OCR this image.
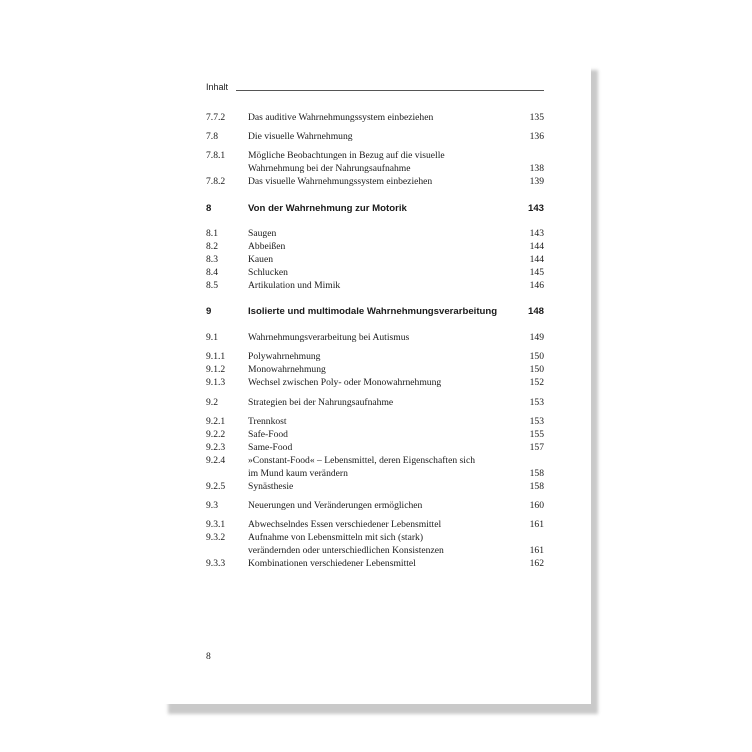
Inhalt
7.7.2 Das auditive Wahrnehmungssystem einbeziehen	135
7.8	Die visuelle Wahrnehmung	136
7.8.1 Mögliche Beobachtungen in Bezug auf die visuelle
Wahrnehmung bei der Nahrungsaufnahme	138
7.8.2 Das visuelle Wahrnehmungssystem einbeziehen	139
8	Von der Wahrnehmung zur Motorik	143
8.1	Saugen	143
8.2	Abbeißen	144
8.3	Kauen	144
8.4	Schlucken	145
8.5	Artikulation und Mimik	146
9	Isolierte und multimodale Wahrnehmungsverarbeitung	148
9.1	Wahrnehmungsverarbeitung bei Autismus	149
9.1.1 Polywahrnehmung	150
9.1.2 Monowahrnehmung	150
9.1.3 Wechsel zwischen Poly- oder Monowahrnehmung	152
9.2	Strategien bei der Nahrungsaufnahme	153
9.2.1 Trennkost	153
9.2.2 Safe-Food	155
9.2.3 Same-Food	157
9.2.4 »Constant-Food« – Lebensmittel, deren Eigenschaften sich
im Mund kaum verändern	158
9.2.5 Synästhesie	158
9.3	Neuerungen und Veränderungen ermöglichen	160
9.3.1 Abwechselndes Essen verschiedener Lebensmittel	161
9.3.2 Aufnahme von Lebensmitteln mit sich (stark)
verändernden oder unterschiedlichen Konsistenzen	161
9.3.3 Kombinationen verschiedener Lebensmittel	162
8
